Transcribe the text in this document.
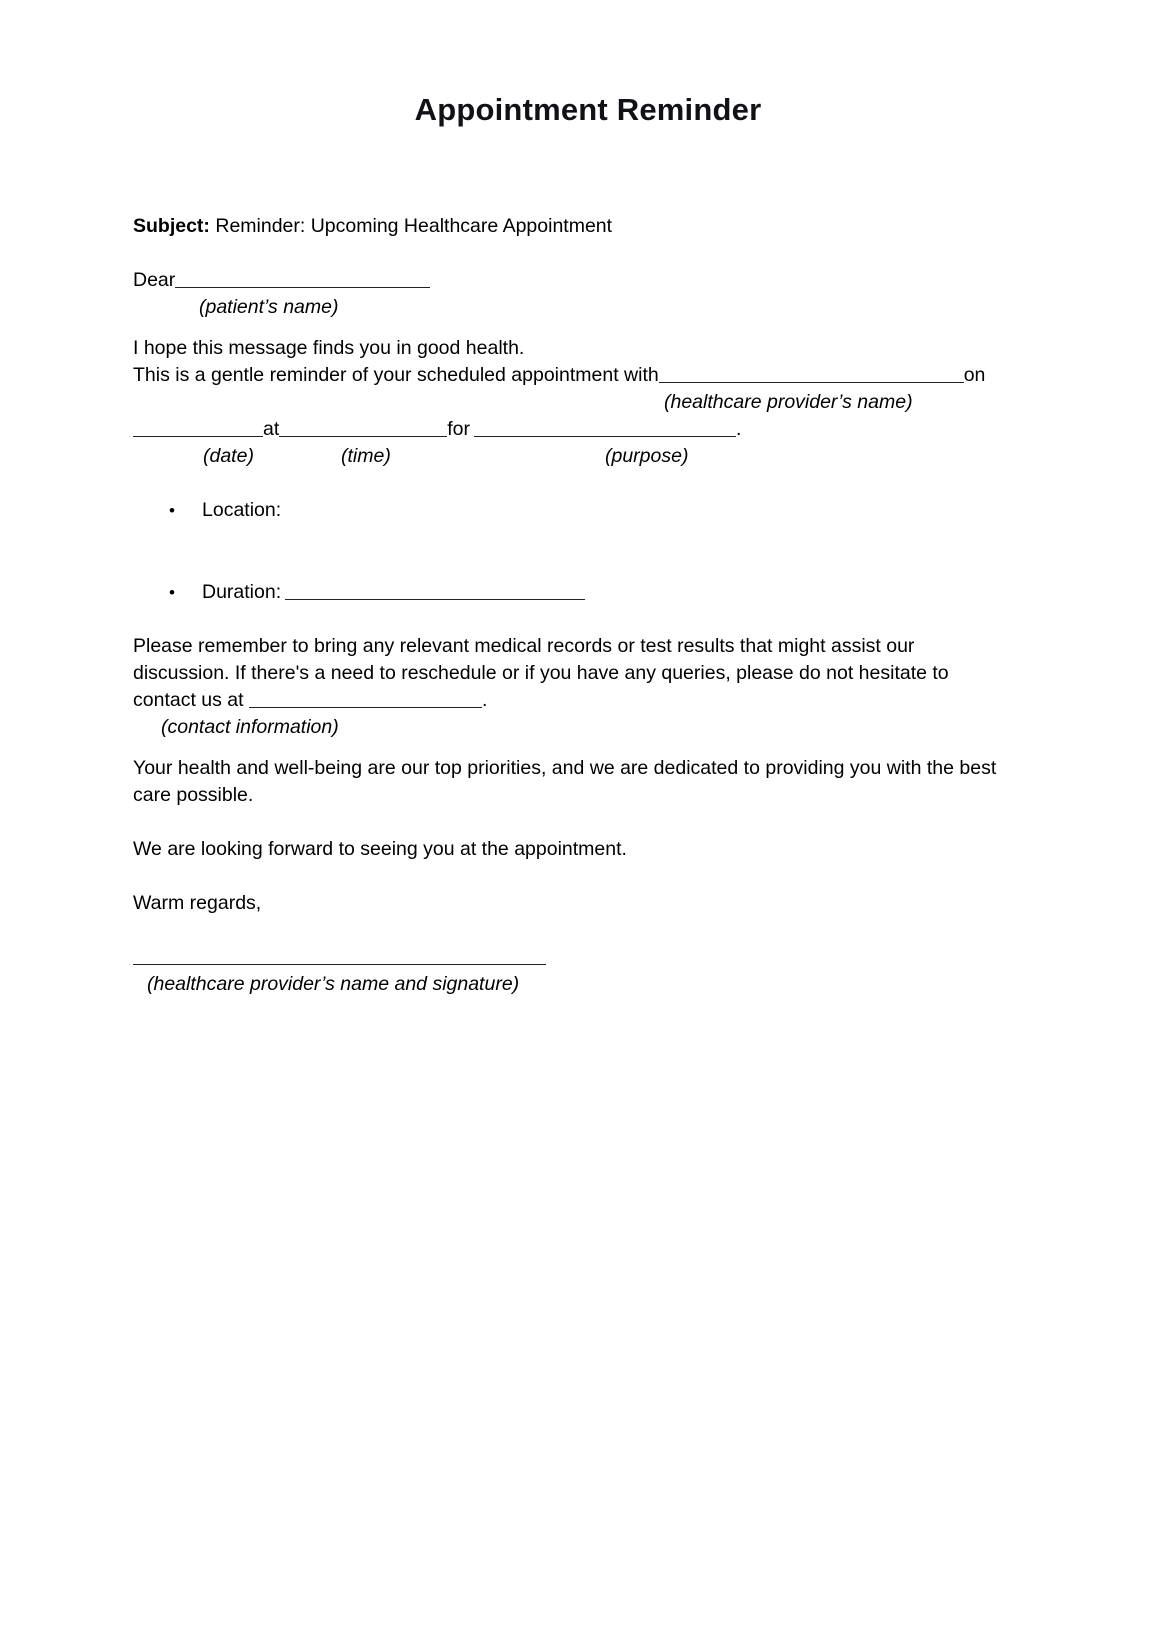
Appointment Reminder

Subject: Reminder: Upcoming Healthcare Appointment

Dear

(patient’s name)

I hope this message finds you in good health.

This is a gentle reminder of your scheduled appointment with	on

(healthcare provider’s name)

at	for	.

(date)	(time)	(purpose)
• Location:
• Duration:

Please remember to bring any relevant medical records or test results that might assist our discussion. If there's a need to reschedule or if you have any queries, please do not hesitate to contact us at	.

(contact information)

Your health and well-being are our top priorities, and we are dedicated to providing you with the best care possible.

We are looking forward to seeing you at the appointment.

Warm regards,

(healthcare provider’s name and signature)
